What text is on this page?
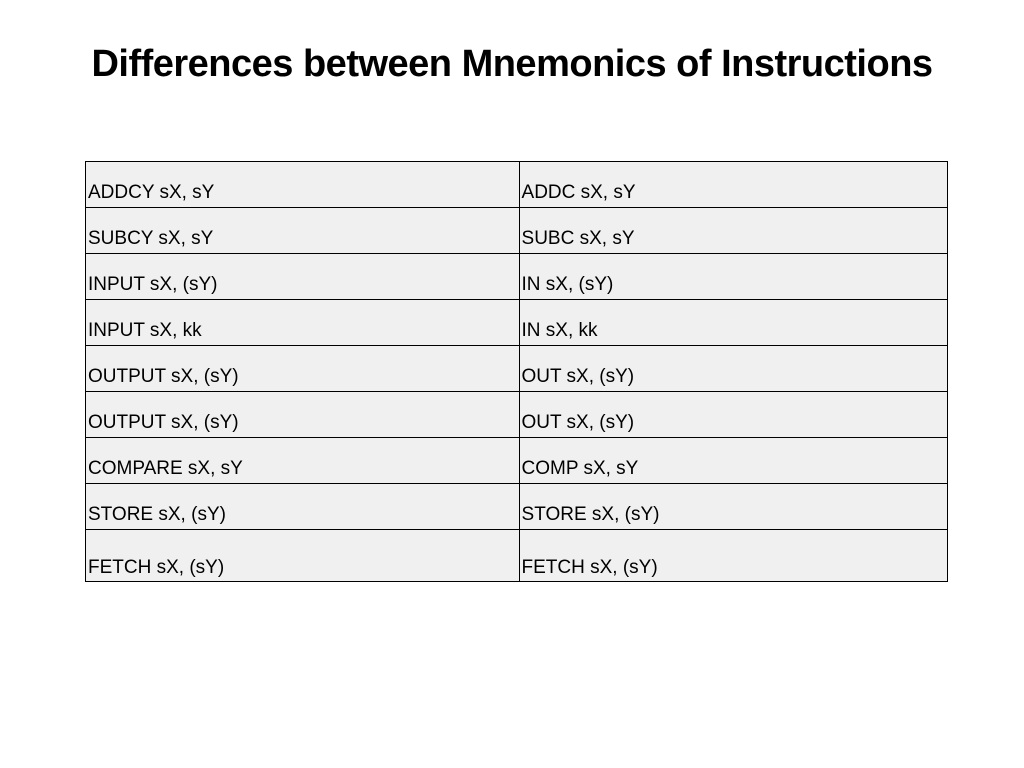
Differences between Mnemonics of Instructions
ADDCY sX, sY	ADDC sX, sY
SUBCY sX, sY	SUBC sX, sY
INPUT sX, (sY)	IN sX, (sY)
INPUT sX, kk	IN sX, kk
OUTPUT sX, (sY)	OUT sX, (sY)
OUTPUT sX, (sY)	OUT sX, (sY)
COMPARE sX, sY	COMP sX, sY
STORE sX, (sY)	STORE sX, (sY)
FETCH sX, (sY)	FETCH sX, (sY)
